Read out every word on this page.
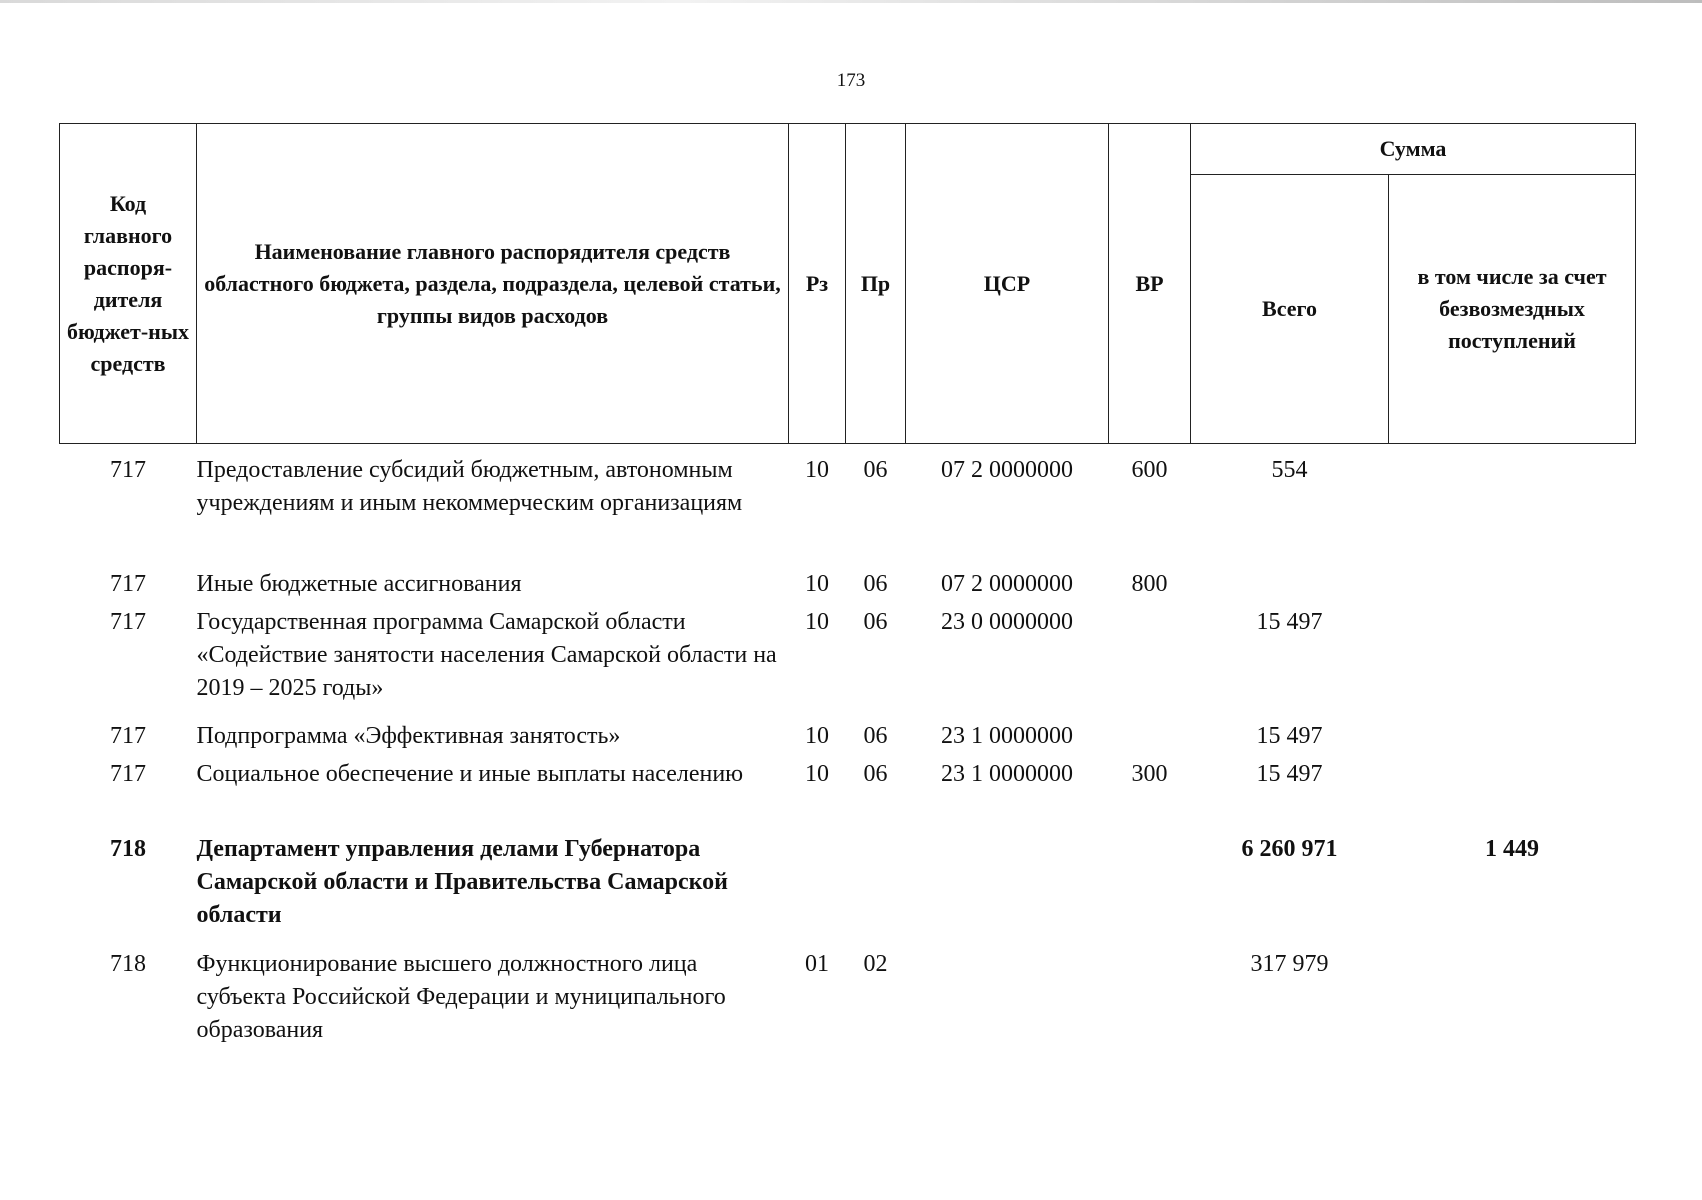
173
Код главного распоря-дителя бюджет-ных средств	Наименование главного распорядителя средств областного бюджета, раздела, подраздела, целевой статьи, группы видов расходов	Рз	Пр	ЦСР	ВР	Сумма	
						Всего	в том числе за счет безвозмездных поступлений
717	Предоставление субсидий бюджетным, автономным учреждениям и иным некоммерческим организациям	10	06	07 2 0000000	600	554	
717	Иные бюджетные ассигнования	10	06	07 2 0000000	800		
717	Государственная программа Самарской области «Содействие занятости населения Самарской области на 2019 – 2025 годы»	10	06	23 0 0000000		15 497	
717	Подпрограмма «Эффективная занятость»	10	06	23 1 0000000		15 497	
717	Социальное обеспечение и иные выплаты населению	10	06	23 1 0000000	300	15 497	
718	Департамент управления делами Губернатора Самарской области и Правительства Самарской области					6 260 971	1 449
718	Функционирование высшего должностного лица субъекта Российской Федерации и муниципального образования	01	02			317 979	
